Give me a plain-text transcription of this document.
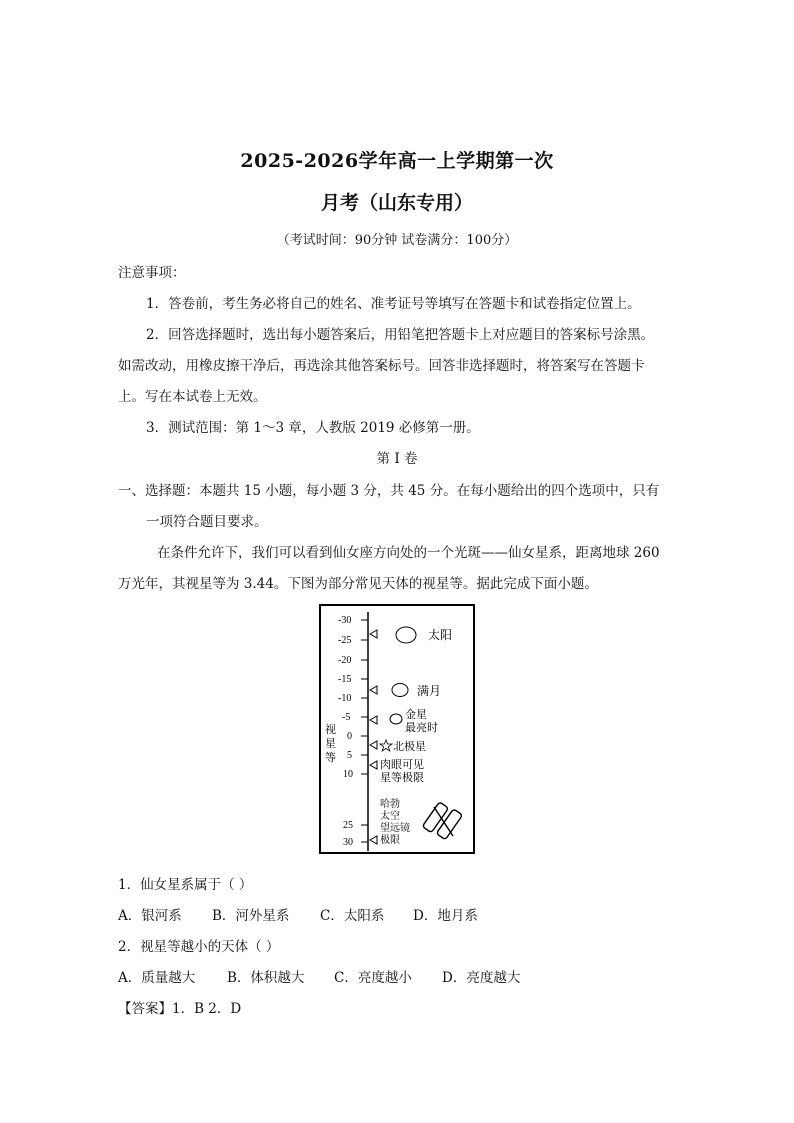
2025-2026学年高一上学期第一次
月考（山东专用）
（考试时间：90分钟 试卷满分：100分）
注意事项：
1．答卷前，考生务必将自己的姓名、准考证号等填写在答题卡和试卷指定位置上。
2．回答选择题时，选出每小题答案后，用铅笔把答题卡上对应题目的答案标号涂黑。
如需改动，用橡皮擦干净后，再选涂其他答案标号。回答非选择题时，将答案写在答题卡
上。写在本试卷上无效。
3．测试范围：第 1～3 章，人教版 2019 必修第一册。
第 I 卷
一、选择题：本题共 15 小题，每小题 3 分，共 45 分。在每小题给出的四个选项中，只有
一项符合题目要求。
在条件允许下，我们可以看到仙女座方向处的一个光斑——仙女星系，距离地球 260
万光年，其视星等为 3.44。下图为部分常见天体的视星等。据此完成下面小题。
-30
-25
-20
-15
-10
-5
0
5
10
25
30
视
星
等
太阳
满月
金星
最亮时
北极星
肉眼可见
星等极限
哈勃
太空
望远镜
极限
1．仙女星系属于（ ）
A．银河系 B．河外星系 C．太阳系 D．地月系
2．视星等越小的天体（ ）
A．质量越大 B．体积越大 C．亮度越小 D．亮度越大
【答案】1．B 2．D
